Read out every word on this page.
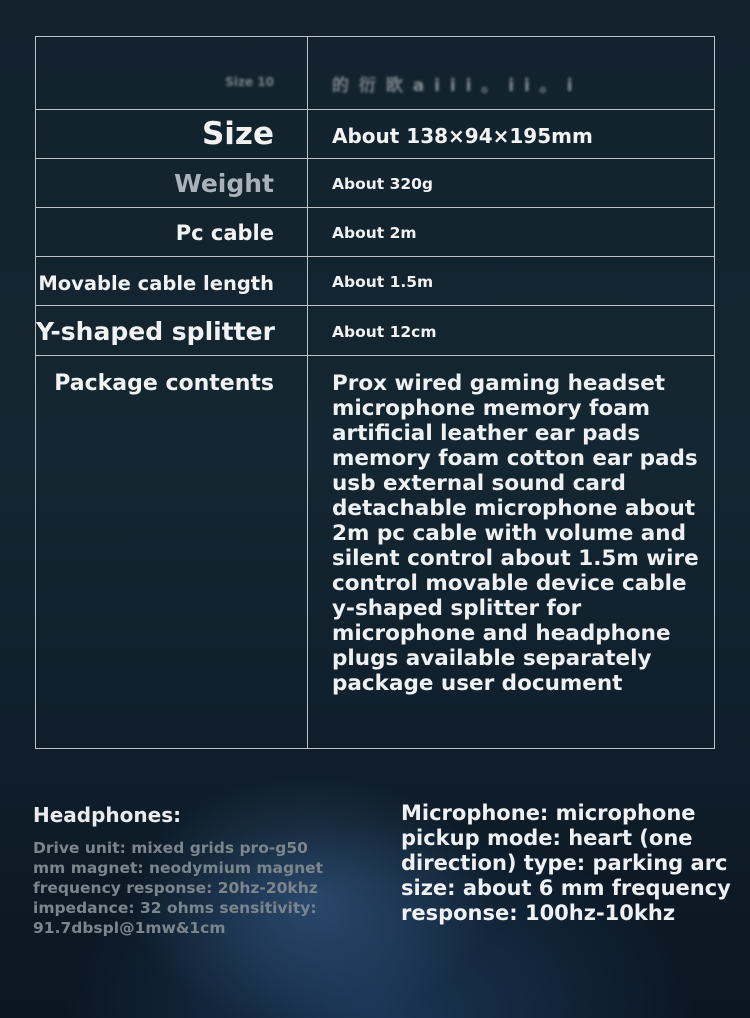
Size 10	的 衍 欧 a i i i 。 i i 。 i
Size	About 138×94×195mm
Weight	About 320g
Pc cable	About 2m
Movable cable length	About 1.5m
Y-shaped splitter	About 12cm
Package contents	Prox wired gaming headset
microphone memory foam
artificial leather ear pads
memory foam cotton ear pads
usb external sound card
detachable microphone about
2m pc cable with volume and
silent control about 1.5m wire
control movable device cable
y-shaped splitter for
microphone and headphone
plugs available separately
package user document
Headphones:
Drive unit: mixed grids pro-g50
mm magnet: neodymium magnet
frequency response: 20hz-20khz
impedance: 32 ohms sensitivity:
91.7dbspl@1mw&1cm
Microphone: microphone
pickup mode: heart (one
direction) type: parking arc
size: about 6 mm frequency
response: 100hz-10khz
